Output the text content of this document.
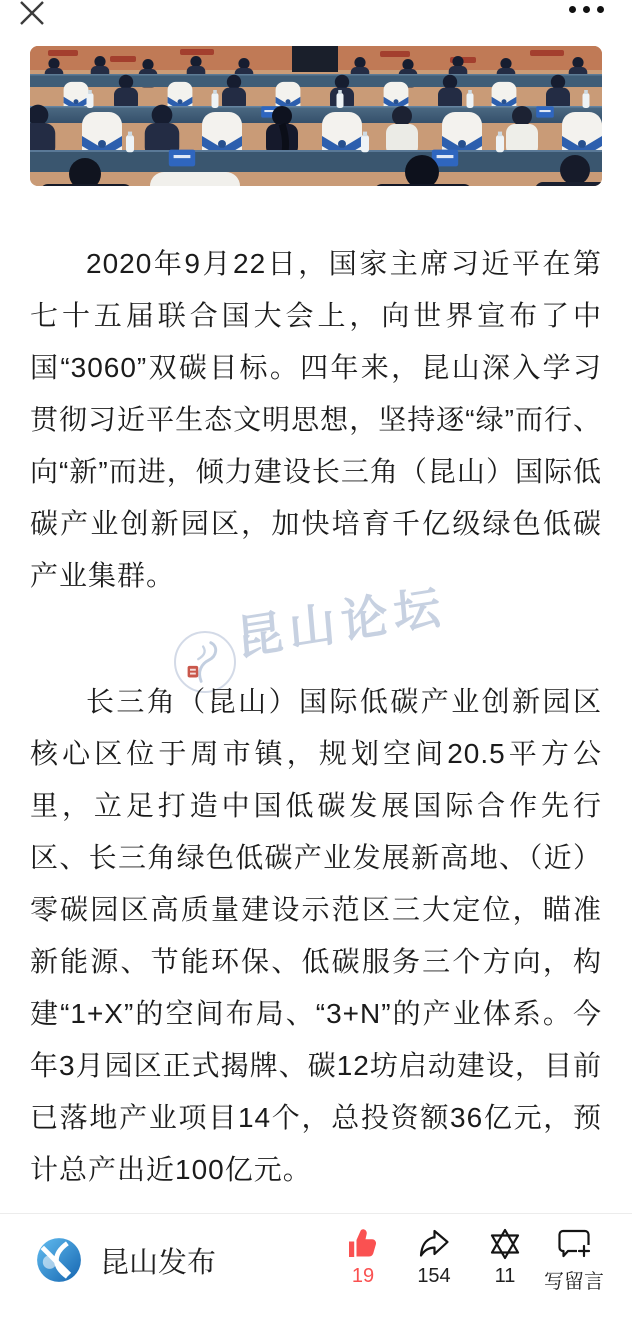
2020年9月22日，国家主席习近平在第七十五届联合国大会上，向世界宣布了中国“3060”双碳目标。四年来，昆山深入学习贯彻习近平生态文明思想，坚持逐“绿”而行、向“新”而进，倾力建设长三角（昆山）国际低碳产业创新园区，加快培育千亿级绿色低碳产业集群。

昆山论坛

长三角（昆山）国际低碳产业创新园区核心区位于周市镇，规划空间20.5平方公里，立足打造中国低碳发展国际合作先行区、长三角绿色低碳产业发展新高地、（近）零碳园区高质量建设示范区三大定位，瞄准新能源、节能环保、低碳服务三个方向，构建“1+X”的空间布局、“3+N”的产业体系。今年3月园区正式揭牌、碳12坊启动建设，目前已落地产业项目14个，总投资额36亿元，预计总产出近100亿元。

昆山发布	19	154	11	写留言
